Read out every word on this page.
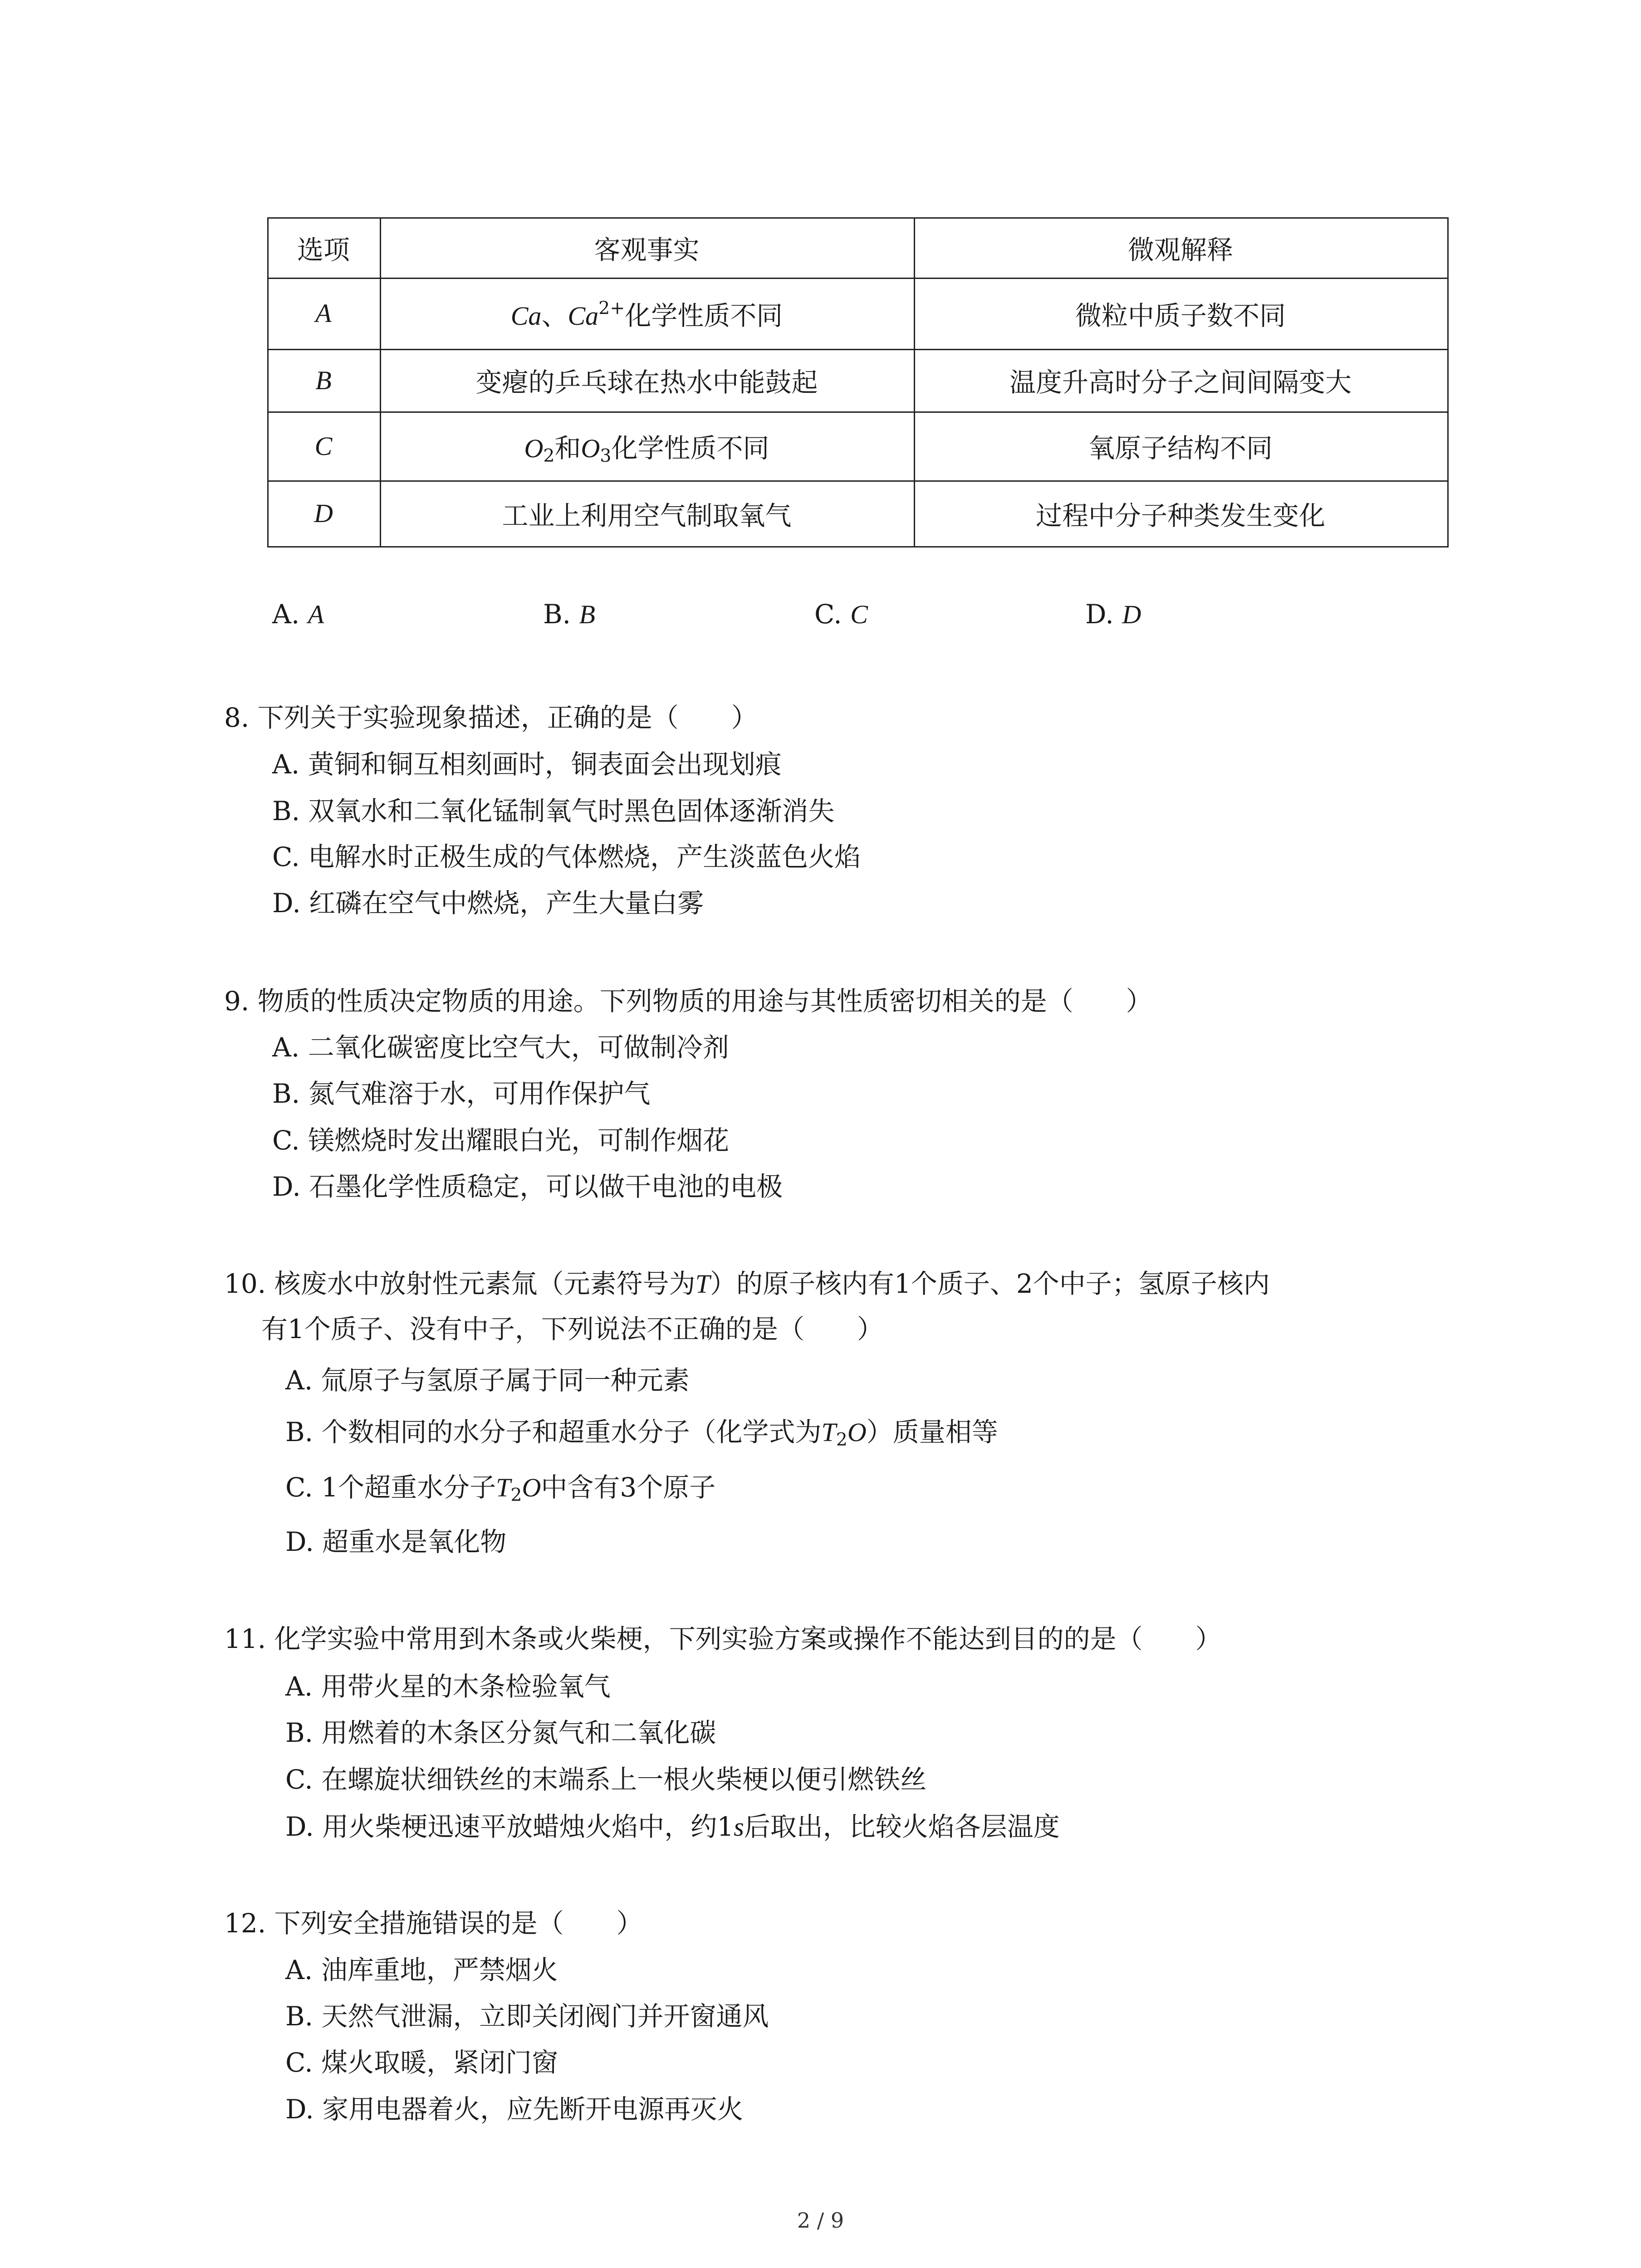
选项	客观事实	微观解释
A	Ca、$Ca^{2+}$化学性质不同	微粒中质子数不同
B	变瘪的乒乓球在热水中能鼓起	温度升高时分子之间间隔变大
C	$O_2$和$O_3$化学性质不同	氧原子结构不同
D	工业上利用空气制取氧气	过程中分子种类发生变化
A. A	B. B	C. C	D. D
8. 下列关于实验现象描述，正确的是（　　）
A. 黄铜和铜互相刻画时，铜表面会出现划痕
B. 双氧水和二氧化锰制氧气时黑色固体逐渐消失
C. 电解水时正极生成的气体燃烧，产生淡蓝色火焰
D. 红磷在空气中燃烧，产生大量白雾
9. 物质的性质决定物质的用途。下列物质的用途与其性质密切相关的是（　　）
A. 二氧化碳密度比空气大，可做制冷剂
B. 氮气难溶于水，可用作保护气
C. 镁燃烧时发出耀眼白光，可制作烟花
D. 石墨化学性质稳定，可以做干电池的电极
10. 核废水中放射性元素氚（元素符号为T）的原子核内有1个质子、2个中子；氢原子核内
有1个质子、没有中子，下列说法不正确的是（　　）
A. 氚原子与氢原子属于同一种元素
B. 个数相同的水分子和超重水分子（化学式为$T_2O$）质量相等
C. 1个超重水分子$T_2O$中含有3个原子
D. 超重水是氧化物
11. 化学实验中常用到木条或火柴梗，下列实验方案或操作不能达到目的的是（　　）
A. 用带火星的木条检验氧气
B. 用燃着的木条区分氮气和二氧化碳
C. 在螺旋状细铁丝的末端系上一根火柴梗以便引燃铁丝
D. 用火柴梗迅速平放蜡烛火焰中，约1s后取出，比较火焰各层温度
12. 下列安全措施错误的是（　　）
A. 油库重地，严禁烟火
B. 天然气泄漏，立即关闭阀门并开窗通风
C. 煤火取暖，紧闭门窗
D. 家用电器着火，应先断开电源再灭火
2 / 9
